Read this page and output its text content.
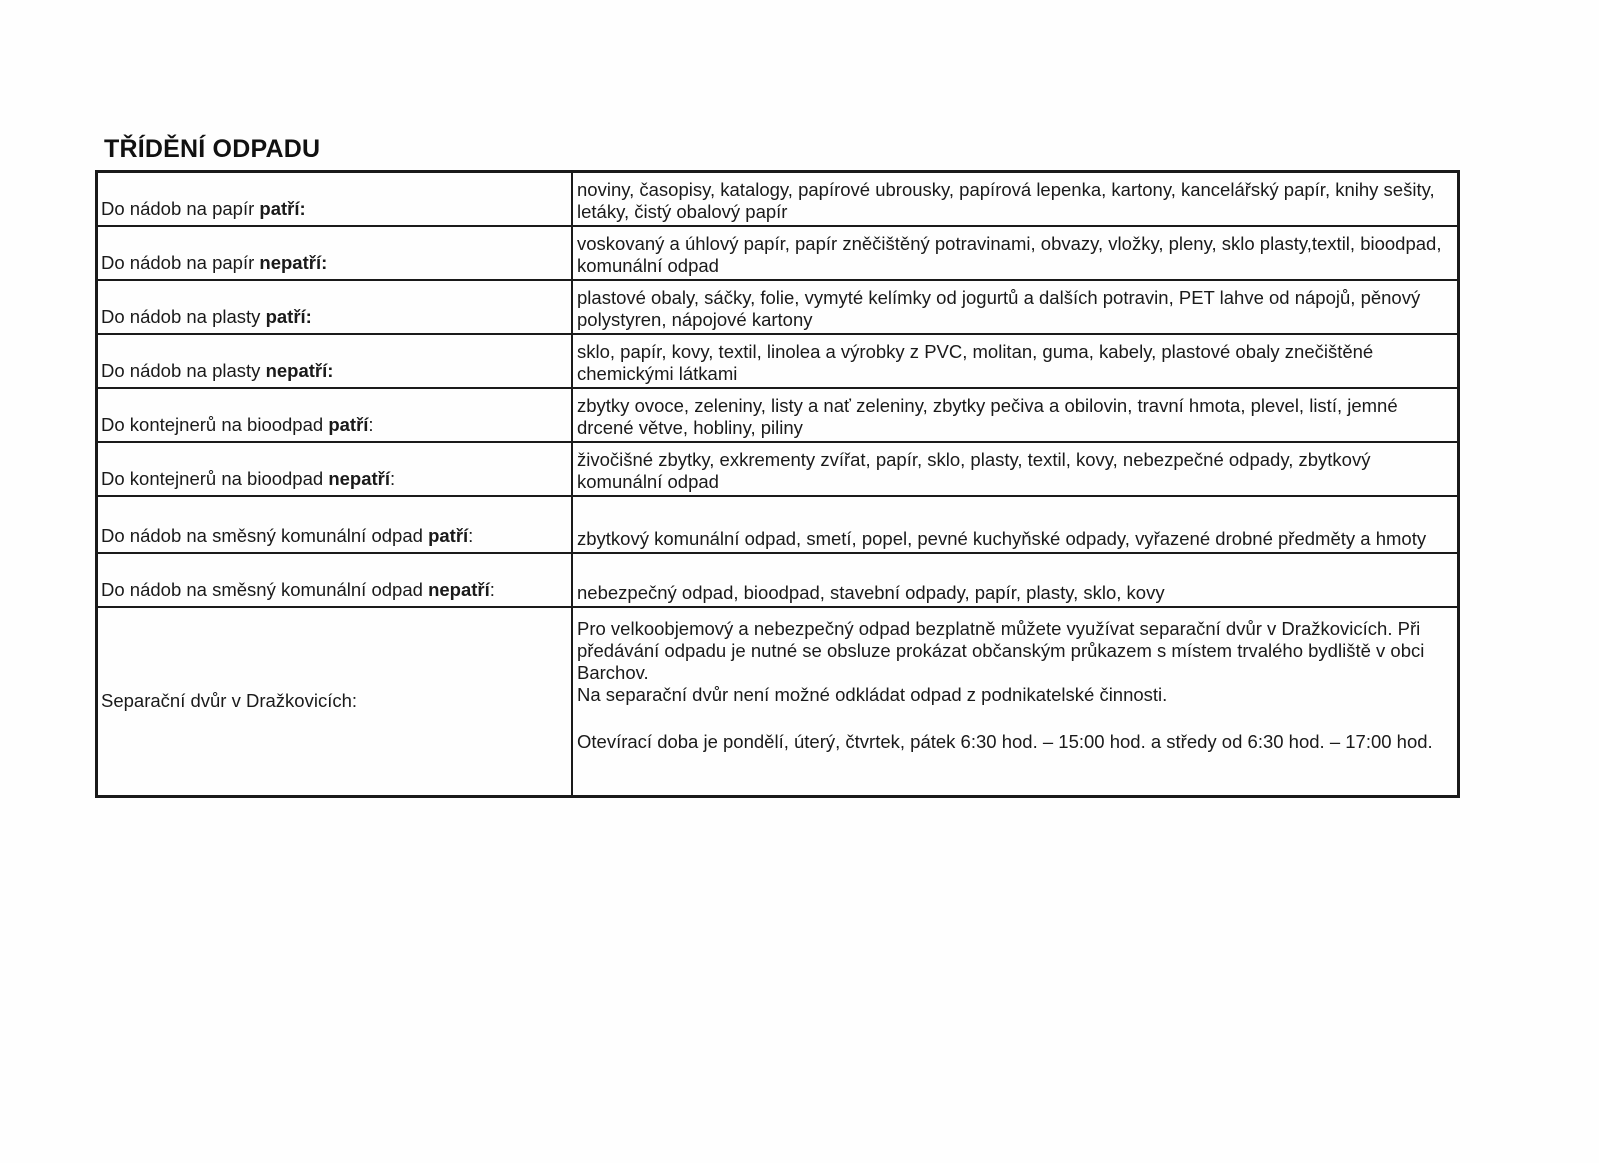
TŘÍDĚNÍ ODPADU
Do nádob na papír patří:	noviny, časopisy, katalogy, papírové ubrousky, papírová lepenka, kartony, kancelářský papír, knihy sešity, letáky, čistý obalový papír
Do nádob na papír nepatří:	voskovaný a úhlový papír, papír zněčištěný potravinami, obvazy, vložky, pleny, sklo plasty,textil, bioodpad, komunální odpad
Do nádob na plasty patří:	plastové obaly, sáčky, folie, vymyté kelímky od jogurtů a dalších potravin, PET lahve od nápojů, pěnový polystyren, nápojové kartony
Do nádob na plasty nepatří:	sklo, papír, kovy, textil, linolea a výrobky z PVC, molitan, guma, kabely, plastové obaly znečištěné chemickými látkami
Do kontejnerů na bioodpad patří:	zbytky ovoce, zeleniny, listy a nať zeleniny, zbytky pečiva a obilovin, travní hmota, plevel, listí, jemné drcené větve, hobliny, piliny
Do kontejnerů na bioodpad nepatří:	živočišné zbytky, exkrementy zvířat, papír, sklo, plasty, textil, kovy, nebezpečné odpady, zbytkový komunální odpad
Do nádob na směsný komunální odpad patří:	zbytkový komunální odpad, smetí, popel, pevné kuchyňské odpady, vyřazené drobné předměty a hmoty
Do nádob na směsný komunální odpad nepatří:	nebezpečný odpad, bioodpad, stavební odpady, papír, plasty, sklo, kovy
Separační dvůr v Dražkovicích:	Pro velkoobjemový a nebezpečný odpad bezplatně můžete využívat separační dvůr v Dražkovicích. Při předávání odpadu je nutné se obsluze prokázat občanským průkazem s místem trvalého bydliště v obci Barchov.
Na separační dvůr není možné odkládat odpad z podnikatelské činnosti.
Otevírací doba je pondělí, úterý, čtvrtek, pátek 6:30 hod. – 15:00 hod. a středy od 6:30 hod. – 17:00 hod.
